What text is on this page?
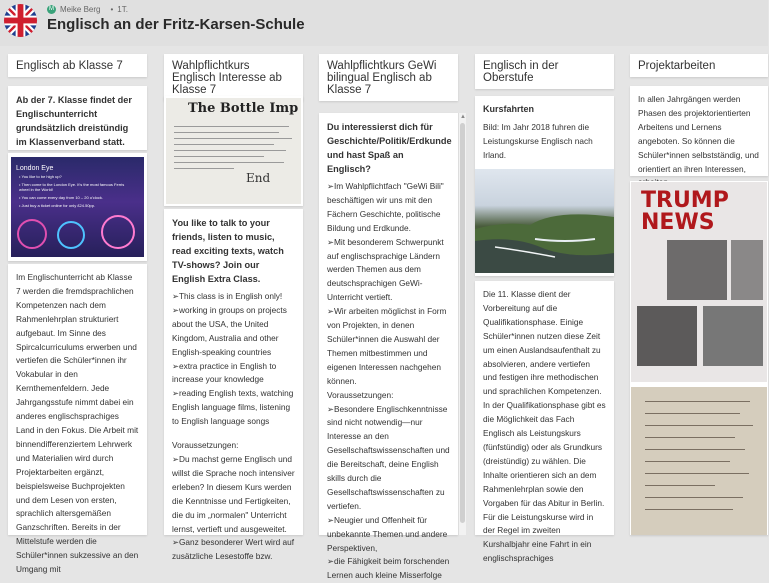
M Meike Berg • 1T.
Englisch an der Fritz-Karsen-Schule
Englisch ab Klasse 7
Ab der 7. Klasse findet der Englischunterricht grundsätzlich dreistündig im Klassenverband statt.
London Eye
• You like to be high up?
• Then come to the London Eye. It's the most famous Ferris wheel in the World!
• You can come every day from 10 – 20 o'clock.
• Just buy a ticket online for only £24.50pp.
Im Englischunterricht ab Klasse 7 werden die fremdsprachlichen Kompetenzen nach dem Rahmenlehrplan strukturiert aufgebaut. Im Sinne des Spircalcurriculums erwerben und vertiefen die Schüler*innen ihr Vokabular in den Kernthemenfeldern. Jede Jahrgangsstufe nimmt dabei ein anderes englischsprachiges Land in den Fokus. Die Arbeit mit binnendifferenziertem Lehrwerk und Materialien wird durch Projektarbeiten ergänzt, beispielsweise Buchprojekten und dem Lesen von ersten, sprachlich altersgemäßen Ganzschriften. Bereits in der Mittelstufe werden die Schüler*innen sukzessive an den Umgang mit
Wahlpflichtkurs Englisch Interesse ab Klasse 7
The Bottle Imp
End
You like to talk to your friends, listen to music, read exciting texts, watch TV-shows? Join our English Extra Class.
➢This class is in English only!
➢working in groups on projects about the USA, the United Kingdom, Australia and other English-speaking countries
➢extra practice in English to increase your knowledge
➢reading English texts, watching English language films, listening to English language songs
Voraussetzungen:
➢Du machst gerne Englisch und willst die Sprache noch intensiver erleben? In diesem Kurs werden die Kenntnisse und Fertigkeiten, die du im „normalen" Unterricht lernst, vertieft und ausgeweitet.
➢Ganz besonderer Wert wird auf zusätzliche Lesestoffe bzw.
Wahlpflichtkurs GeWi bilingual Englisch ab Klasse 7
Du interessierst dich für Geschichte/Politik/Erdkunde und hast Spaß an Englisch?
➢Im Wahlpflichtfach "GeWi Bili" beschäftigen wir uns mit den Fächern Geschichte, politische Bildung und Erdkunde.
➢Mit besonderem Schwerpunkt auf englischsprachige Ländern werden Themen aus dem deutschsprachigen GeWi-Unterricht vertieft.
➢Wir arbeiten möglichst in Form von Projekten, in denen Schüler*innen die Auswahl der Themen mitbestimmen und eigenen Interessen nachgehen können.
Voraussetzungen:
➢Besondere Englischkenntnisse sind nicht notwendig—nur Interesse an den Gesellschaftswissenschaften und die Bereitschaft, deine English skills durch die Gesellschaftswissenschaften zu vertiefen.
➢Neugier und Offenheit für unbekannte Themen und andere Perspektiven,
➢die Fähigkeit beim forschenden Lernen auch kleine Misserfolge
▲
Englisch in der Oberstufe
Kursfahrten
Bild: Im Jahr 2018 fuhren die Leistungskurse Englisch nach Irland.
Die 11. Klasse dient der Vorbereitung auf die Qualifikationsphase. Einige Schüler*innen nutzen diese Zeit um einen Auslandsaufenthalt zu absolvieren, andere vertiefen und festigen ihre methodischen und sprachlichen Kompetenzen. In der Qualifikationsphase gibt es die Möglichkeit das Fach Englisch als Leistungskurs (fünfstündig) oder als Grundkurs (dreistündig) zu wählen. Die Inhalte orientieren sich an dem Rahmenlehrplan sowie den Vorgaben für das Abitur in Berlin. Für die Leistungskurse wird in der Regel im zweiten Kurshalbjahr eine Fahrt in ein englischsprachiges
Projektarbeiten
In allen Jahrgängen werden Phasen des projektorientierten Arbeitens und Lernens angeboten. So können die Schüler*innen selbstständig, und orientiert an ihren Interessen,
TRUMP NEWS
